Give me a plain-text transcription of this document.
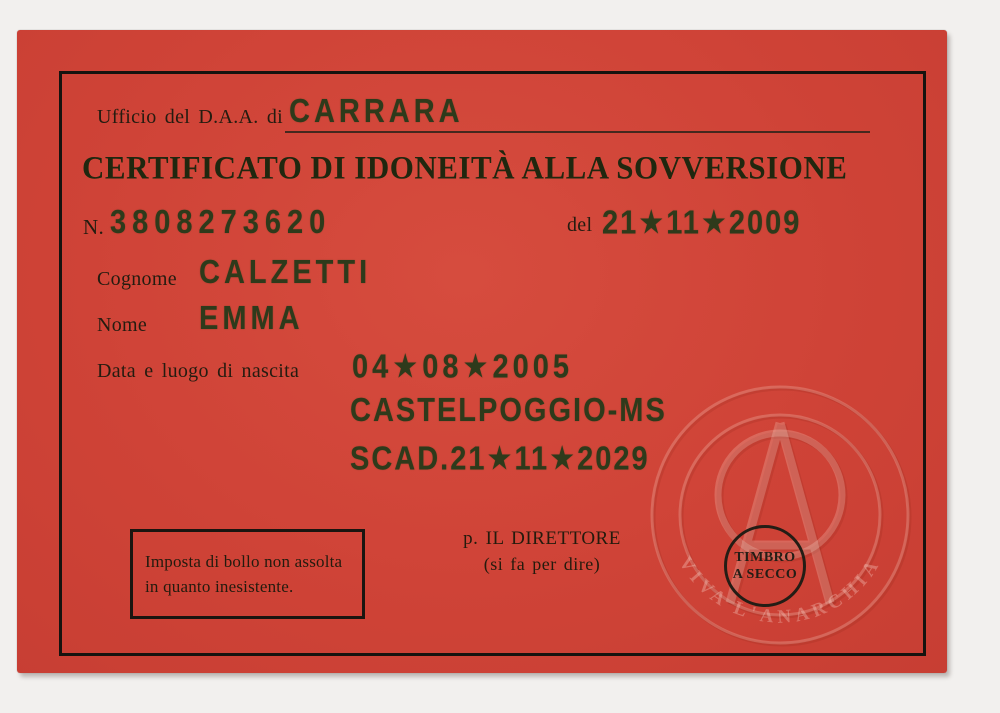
VIVA L'ANARCHIA
Ufficio del D.A.A. di CARRARA
CERTIFICATO DI IDONEITÀ ALLA SOVVERSIONE
N. 3808273620	del 21★11★2009
Cognome CALZETTI
Nome EMMA
Data e luogo di nascita 04★08★2005
CASTELPOGGIO-MS
SCAD.21★11★2029
Imposta di bollo non assolta in quanto inesistente.
p. IL DIRETTORE
(si fa per dire)	TIMBRO
A SECCO
